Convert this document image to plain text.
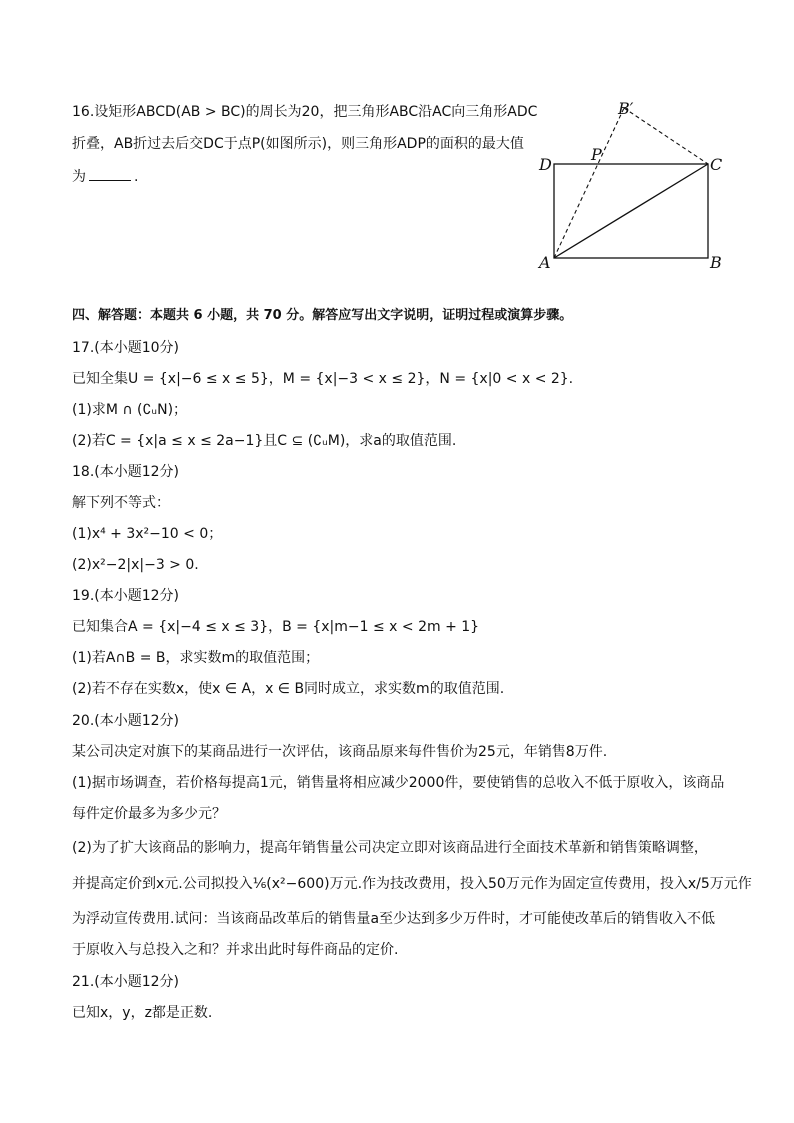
16.设矩形ABCD(AB > BC)的周长为20，把三角形ABC沿AC向三角形ADC
折叠，AB折过去后交DC于点P(如图所示)，则三角形ADP的面积的最大值
为	.
B′
P
D	C
A	B
四、解答题：本题共 6 小题，共 70 分。解答应写出文字说明，证明过程或演算步骤。
17.(本小题10分)
已知全集U = {x|−6 ≤ x ≤ 5}，M = {x|−3 < x ≤ 2}，N = {x|0 < x < 2}.
(1)求M ∩ (∁ᵤN)；
(2)若C = {x|a ≤ x ≤ 2a−1}且C ⊆ (∁ᵤM)，求a的取值范围.
18.(本小题12分)
解下列不等式：
(1)x⁴ + 3x²−10 < 0；
(2)x²−2|x|−3 > 0.
19.(本小题12分)
已知集合A = {x|−4 ≤ x ≤ 3}，B = {x|m−1 ≤ x < 2m + 1}
(1)若A∩B = B，求实数m的取值范围；
(2)若不存在实数x，使x ∈ A，x ∈ B同时成立，求实数m的取值范围.
20.(本小题12分)
某公司决定对旗下的某商品进行一次评估，该商品原来每件售价为25元，年销售8万件.
(1)据市场调查，若价格每提高1元，销售量将相应减少2000件，要使销售的总收入不低于原收入，该商品
每件定价最多为多少元？
(2)为了扩大该商品的影响力，提高年销售量公司决定立即对该商品进行全面技术革新和销售策略调整，
并提高定价到x元.公司拟投入⅙(x²−600)万元.作为技改费用，投入50万元作为固定宣传费用，投入x/5万元作
为浮动宣传费用.试问：当该商品改革后的销售量a至少达到多少万件时，才可能使改革后的销售收入不低
于原收入与总投入之和？并求出此时每件商品的定价.
21.(本小题12分)
已知x，y，z都是正数.
